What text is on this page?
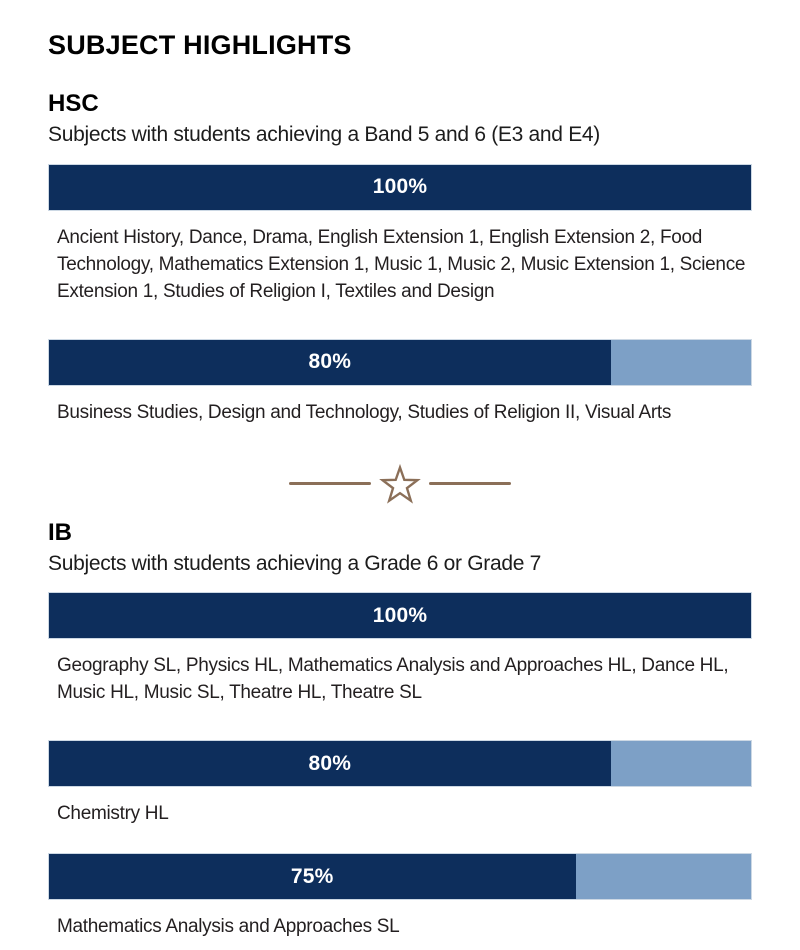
SUBJECT HIGHLIGHTS
HSC

Subjects with students achieving a Band 5 and 6 (E3 and E4)

100%
Ancient History, Dance, Drama, English Extension 1, English Extension 2, Food Technology, Mathematics Extension 1, Music 1, Music 2, Music Extension 1, Science Extension 1, Studies of Religion I, Textiles and Design
80%
Business Studies, Design and Technology, Studies of Religion II, Visual Arts
IB

Subjects with students achieving a Grade 6 or Grade 7

100%
Geography SL, Physics HL, Mathematics Analysis and Approaches HL, Dance HL, Music HL, Music SL, Theatre HL, Theatre SL
80%
Chemistry HL
75%
Mathematics Analysis and Approaches SL
